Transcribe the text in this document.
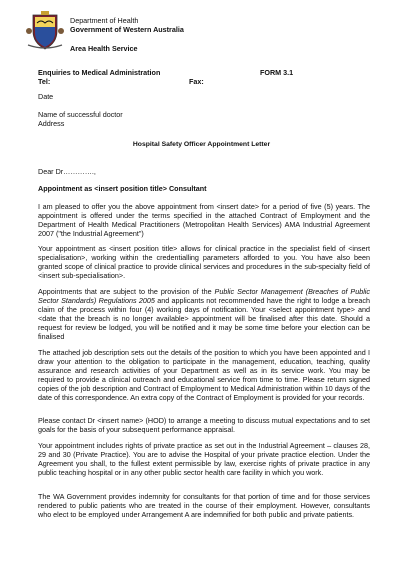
Department of Health
Government of Western Australia
Area Health Service
Enquiries to Medical Administration
Tel:
FORM 3.1
Fax:
Date
Name of successful doctor
Address
Hospital Safety Officer Appointment Letter
Dear Dr………….,
Appointment as <insert position title> Consultant

I am pleased to offer you the above appointment from <insert date> for a period of five (5) years. The appointment is offered under the terms specified in the attached Contract of Employment and the Department of Health Medical Practitioners (Metropolitan Health Services) AMA Industrial Agreement 2007 ("the Industrial Agreement")

Your appointment as <insert position title> allows for clinical practice in the specialist field of <insert specialisation>, working within the credentialling parameters afforded to you. You have also been granted scope of clinical practice to provide clinical services and procedures in the sub-specialty field of <insert sub-specialisation>.

Appointments that are subject to the provision of the Public Sector Management (Breaches of Public Sector Standards) Regulations 2005 and applicants not recommended have the right to lodge a breach claim of the process within four (4) working days of notification. Your <select appointment type> and <date that the breach is no longer available> appointment will be finalised after this date. Should a request for review be lodged, you will be notified and it may be some time before your election can be finalised

The attached job description sets out the details of the position to which you have been appointed and I draw your attention to the obligation to participate in the management, education, teaching, quality assurance and research activities of your Department as well as in its service work. You may be required to provide a clinical outreach and educational service from time to time. Please return signed copies of the job description and Contract of Employment to Medical Administration within 10 days of the date of this correspondence. An extra copy of the Contract of Employment is provided for your records.

Please contact Dr <insert name> (HOD) to arrange a meeting to discuss mutual expectations and to set goals for the basis of your subsequent performance appraisal.

Your appointment includes rights of private practice as set out in the Industrial Agreement – clauses 28, 29 and 30 (Private Practice). You are to advise the Hospital of your private practice election. Under the Agreement you shall, to the fullest extent permissible by law, exercise rights of private practice in any public teaching hospital or in any other public sector health care facility in which you work.

The WA Government provides indemnity for consultants for that portion of time and for those services rendered to public patients who are treated in the course of their employment. However, consultants who elect to be employed under Arrangement A are indemnified for both public and private patients.
